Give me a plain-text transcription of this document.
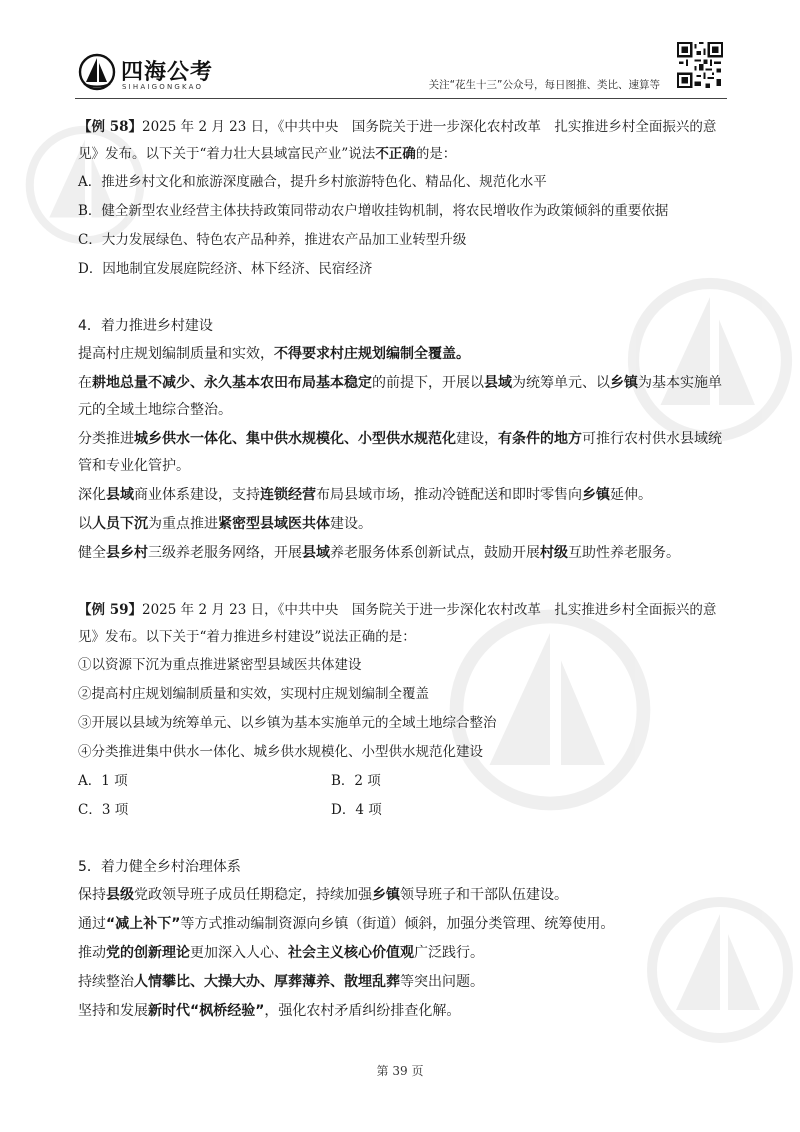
四海公考
SIHAIGONGKAO	关注“花生十三”公众号，每日图推、类比、速算等

【例 58】2025 年 2 月 23 日，《中共中央　国务院关于进一步深化农村改革　扎实推进乡村全面振兴的意见》发布。以下关于“着力壮大县域富民产业”说法不正确的是：

A．推进乡村文化和旅游深度融合，提升乡村旅游特色化、精品化、规范化水平

B．健全新型农业经营主体扶持政策同带动农户增收挂钩机制，将农民增收作为政策倾斜的重要依据

C．大力发展绿色、特色农产品种养，推进农产品加工业转型升级

D．因地制宜发展庭院经济、林下经济、民宿经济

4．着力推进乡村建设

提高村庄规划编制质量和实效，不得要求村庄规划编制全覆盖。

在耕地总量不减少、永久基本农田布局基本稳定的前提下，开展以县域为统筹单元、以乡镇为基本实施单元的全域土地综合整治。

分类推进城乡供水一体化、集中供水规模化、小型供水规范化建设，有条件的地方可推行农村供水县域统管和专业化管护。

深化县域商业体系建设，支持连锁经营布局县域市场，推动冷链配送和即时零售向乡镇延伸。

以人员下沉为重点推进紧密型县域医共体建设。

健全县乡村三级养老服务网络，开展县域养老服务体系创新试点，鼓励开展村级互助性养老服务。

【例 59】2025 年 2 月 23 日，《中共中央　国务院关于进一步深化农村改革　扎实推进乡村全面振兴的意见》发布。以下关于“着力推进乡村建设”说法正确的是：

①以资源下沉为重点推进紧密型县域医共体建设

②提高村庄规划编制质量和实效，实现村庄规划编制全覆盖

③开展以县域为统筹单元、以乡镇为基本实施单元的全域土地综合整治

④分类推进集中供水一体化、城乡供水规模化、小型供水规范化建设

A．1 项	B．2 项

C．3 项	D．4 项

5．着力健全乡村治理体系

保持县级党政领导班子成员任期稳定，持续加强乡镇领导班子和干部队伍建设。

通过“减上补下”等方式推动编制资源向乡镇（街道）倾斜，加强分类管理、统筹使用。

推动党的创新理论更加深入人心、社会主义核心价值观广泛践行。

持续整治人情攀比、大操大办、厚葬薄养、散埋乱葬等突出问题。

坚持和发展新时代“枫桥经验”，强化农村矛盾纠纷排查化解。

第 39 页
